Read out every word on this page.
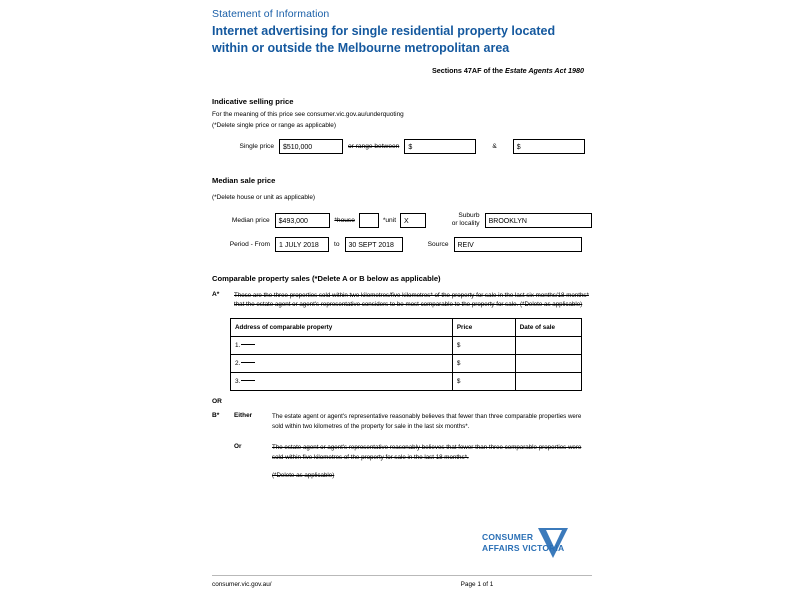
Statement of Information
Internet advertising for single residential property located within or outside the Melbourne metropolitan area
Sections 47AF of the Estate Agents Act 1980
Indicative selling price
For the meaning of this price see consumer.vic.gov.au/underquoting
(*Delete single price or range as applicable)
Single price	$510,000	or range between	$	&	$
Median sale price
(*Delete house or unit as applicable)
Median price	$493,000	*house	*unit	X
Suburb
or locality	BROOKLYN
Period - From	1 JULY 2018	to	30 SEPT 2018	Source	REIV
Comparable property sales (*Delete A or B below as applicable)
A*	These are the three properties sold within two kilometres/five kilometres* of the property for sale in the last six months/18 months* that the estate agent or agent's representative considers to be most comparable to the property for sale. (*Delete as applicable)
Address of comparable property	Price	Date of sale
1.	$	
2.	$	
3.	$	
OR
B*	Either	The estate agent or agent's representative reasonably believes that fewer than three comparable properties were sold within two kilometres of the property for sale in the last six months*.
Or	The estate agent or agent's representative reasonably believes that fewer than three comparable properties were sold within five kilometres of the property for sale in the last 18 months*.
(*Delete as applicable)
CONSUMER
AFFAIRS VICTORIA
consumer.vic.gov.au/	Page 1 of 1
